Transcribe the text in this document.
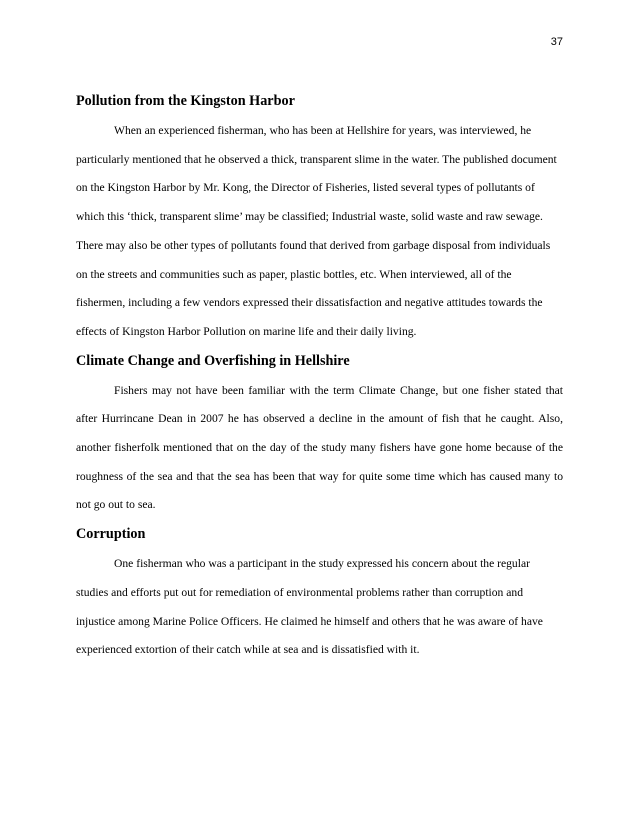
37
Pollution from the Kingston Harbor

When an experienced fisherman, who has been at Hellshire for years, was interviewed, he particularly mentioned that he observed a thick, transparent slime in the water. The published document on the Kingston Harbor by Mr. Kong, the Director of Fisheries, listed several types of pollutants of which this ‘thick, transparent slime’ may be classified; Industrial waste, solid waste and raw sewage. There may also be other types of pollutants found that derived from garbage disposal from individuals on the streets and communities such as paper, plastic bottles, etc. When interviewed, all of the fishermen, including a few vendors expressed their dissatisfaction and negative attitudes towards the effects of Kingston Harbor Pollution on marine life and their daily living.

Climate Change and Overfishing in Hellshire

Fishers may not have been familiar with the term Climate Change, but one fisher stated that after Hurrincane Dean in 2007 he has observed a decline in the amount of fish that he caught. Also, another fisherfolk mentioned that on the day of the study many fishers have gone home because of the roughness of the sea and that the sea has been that way for quite some time which has caused many to not go out to sea.

Corruption

One fisherman who was a participant in the study expressed his concern about the regular studies and efforts put out for remediation of environmental problems rather than corruption and injustice among Marine Police Officers. He claimed he himself and others that he was aware of have experienced extortion of their catch while at sea and is dissatisfied with it.
